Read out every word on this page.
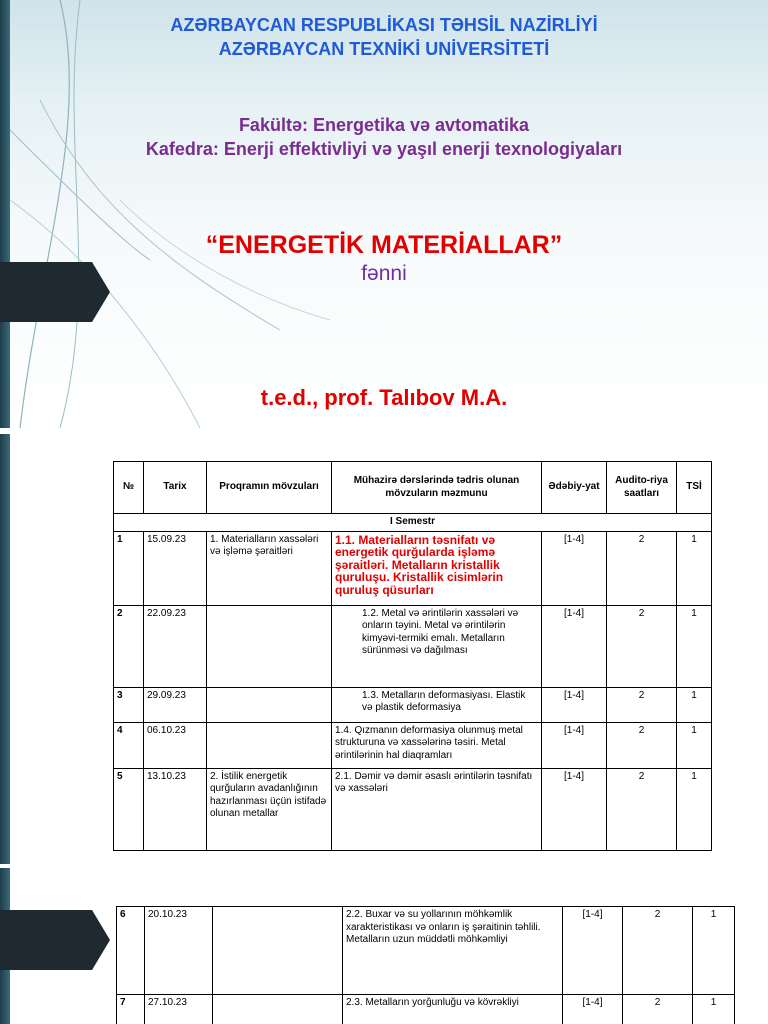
AZƏRBAYCAN RESPUBLİKASI TƏHSİL NAZİRLİYİ
AZƏRBAYCAN TEXNİKİ UNİVERSİTETİ
Fakültə: Energetika və avtomatika
Kafedra: Enerji effektivliyi və yaşıl enerji texnologiyaları
“ENERGETİK MATERİALLAR”
fənni
t.e.d., prof. Talıbov M.A.
№	Tarix	Proqramın mövzuları	Mühazirə dərslərində tədris olunan mövzuların məzmunu	Ədəbiy-yat	Audito-riya saatları	TSİ
I Semestr						
1	15.09.23	1. Materialların xassələri və işləmə şəraitləri	1.1. Materialların təsnifatı və energetik qurğularda işləmə şəraitləri. Metalların kristallik quruluşu. Kristallik cisimlərin quruluş qüsurları	[1-4]	2	1
2	22.09.23		1.2. Metal və ərintilərin xassələri və onların təyini. Metal və ərintilərin kimyəvi-termiki emalı. Metalların sürünməsi və dağılması	[1-4]	2	1
3	29.09.23		1.3. Metalların deformasiyası. Elastik və plastik deformasiya	[1-4]	2	1
4	06.10.23		1.4. Qızmanın deformasiya olunmuş metal strukturuna və xassələrinə təsiri. Metal ərintilərinin hal diaqramları	[1-4]	2	1
5	13.10.23	2. İstilik energetik qurğuların avadanlığının hazırlanması üçün istifadə olunan metallar	2.1. Dəmir və dəmir əsaslı ərintilərin təsnifatı və xassələri	[1-4]	2	1
6	20.10.23		2.2. Buxar və su yollarının möhkəmlik xarakteristikası və onların iş şəraitinin təhlili. Metalların uzun müddətli möhkəmliyi	[1-4]	2	1
7	27.10.23		2.3. Metalların yorğunluğu və kövrəkliyi	[1-4]	2	1
